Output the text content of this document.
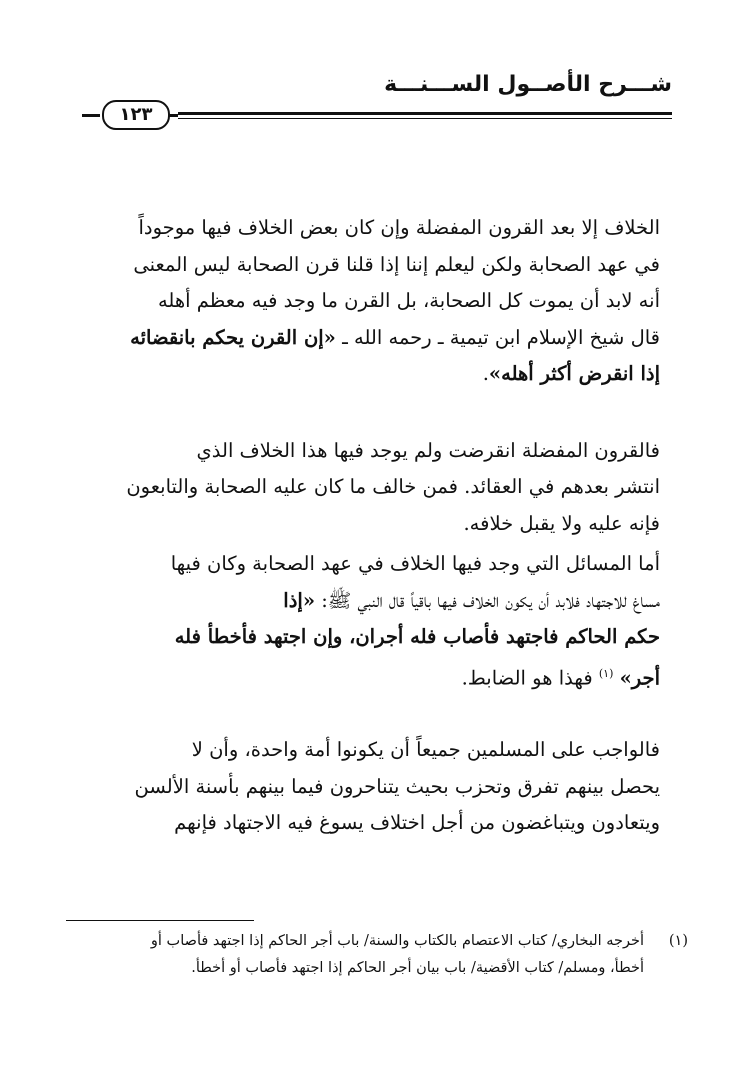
شـــرح الأصــول الســـنـــة
١٢٣
الخلاف إلا بعد القرون المفضلة وإن كان بعض الخلاف فيها موجوداً
في عهد الصحابة ولكن ليعلم إننا إذا قلنا قرن الصحابة ليس المعنى
أنه لابد أن يموت كل الصحابة، بل القرن ما وجد فيه معظم أهله
قال شيخ الإسلام ابن تيمية ـ رحمه الله ـ «إن القرن يحكم بانقضائه
إذا انقرض أكثر أهله».
فالقرون المفضلة انقرضت ولم يوجد فيها هذا الخلاف الذي
انتشر بعدهم في العقائد. فمن خالف ما كان عليه الصحابة والتابعون
فإنه عليه ولا يقبل خلافه.
أما المسائل التي وجد فيها الخلاف في عهد الصحابة وكان فيها
مساغ للاجتهاد فلابد أن يكون الخلاف فيها باقياً قال النبي ﷺ: «إذا
حكم الحاكم فاجتهد فأصاب فله أجران، وإن اجتهد فأخطأ فله
أجر» $^{(١)}$ فهذا هو الضابط.
فالواجب على المسلمين جميعاً أن يكونوا أمة واحدة، وأن لا
يحصل بينهم تفرق وتحزب بحيث يتناحرون فيما بينهم بأسنة الألسن
ويتعادون ويتباغضون من أجل اختلاف يسوغ فيه الاجتهاد فإنهم
(١)أخرجه البخاري/ كتاب الاعتصام بالكتاب والسنة/ باب أجر الحاكم إذا اجتهد فأصاب أو
أخطأ، ومسلم/ كتاب الأقضية/ باب بيان أجر الحاكم إذا اجتهد فأصاب أو أخطأ.
